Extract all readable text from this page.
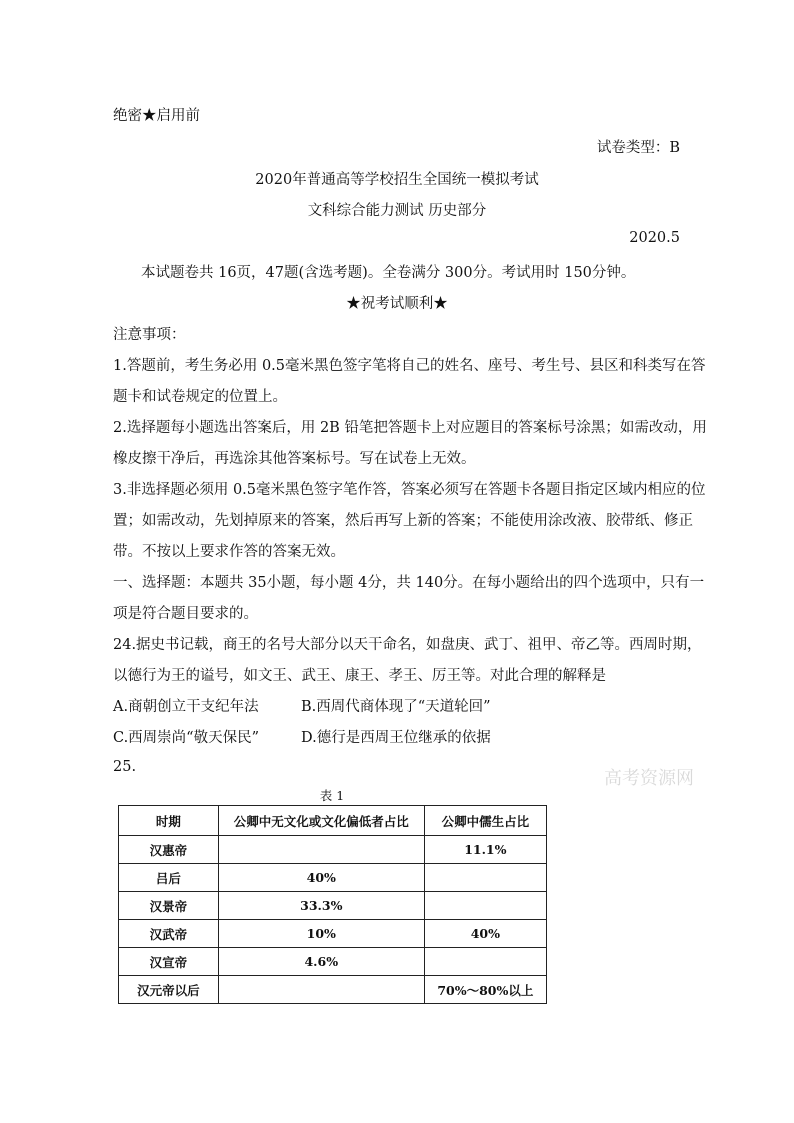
绝密★启用前
试卷类型：B
2020年普通高等学校招生全国统一模拟考试
文科综合能力测试 历史部分
2020.5
本试题卷共 16页，47题(含选考题)。全卷满分 300分。考试用时 150分钟。
★祝考试顺利★
注意事项：
1.答题前，考生务必用 0.5毫米黑色签字笔将自己的姓名、座号、考生号、县区和科类写在答
题卡和试卷规定的位置上。
2.选择题每小题选出答案后，用 2B 铅笔把答题卡上对应题目的答案标号涂黑；如需改动，用
橡皮擦干净后，再选涂其他答案标号。写在试卷上无效。
3.非选择题必须用 0.5毫米黑色签字笔作答，答案必须写在答题卡各题目指定区域内相应的位
置；如需改动，先划掉原来的答案，然后再写上新的答案；不能使用涂改液、胶带纸、修正
带。不按以上要求作答的答案无效。
一、选择题：本题共 35小题，每小题 4分，共 140分。在每小题给出的四个选项中，只有一
项是符合题目要求的。
24.据史书记载，商王的名号大部分以天干命名，如盘庚、武丁、祖甲、帝乙等。西周时期，
以德行为王的谥号，如文王、武王、康王、孝王、厉王等。对此合理的解释是
A.商朝创立干支纪年法	B.西周代商体现了“天道轮回”
C.西周崇尚“敬天保民”	D.德行是西周王位继承的依据
25.
高考资源网
表 1
时期	公卿中无文化或文化偏低者占比	公卿中儒生占比
汉惠帝		11.1%
吕后	40%	
汉景帝	33.3%	
汉武帝	10%	40%
汉宣帝	4.6%	
汉元帝以后		70%～80%以上
